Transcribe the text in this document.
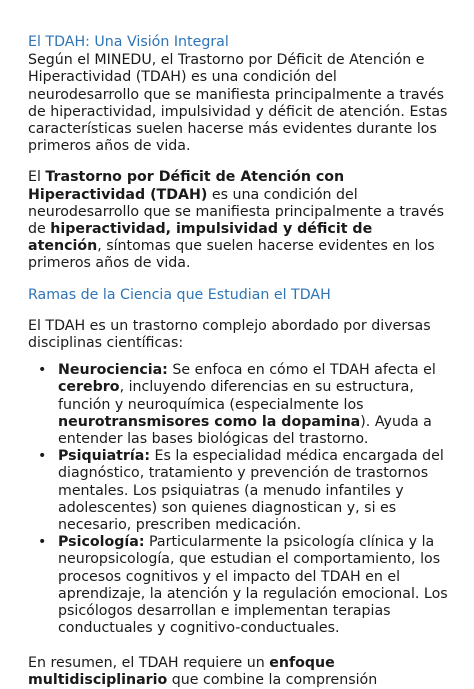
El TDAH: Una Visión Integral

Según el MINEDU, el Trastorno por Déficit de Atención e Hiperactividad (TDAH) es una condición del neurodesarrollo que se manifiesta principalmente a través de hiperactividad, impulsividad y déficit de atención. Estas características suelen hacerse más evidentes durante los primeros años de vida.

El Trastorno por Déficit de Atención con Hiperactividad (TDAH) es una condición del neurodesarrollo que se manifiesta principalmente a través de hiperactividad, impulsividad y déficit de atención, síntomas que suelen hacerse evidentes en los primeros años de vida.

Ramas de la Ciencia que Estudian el TDAH

El TDAH es un trastorno complejo abordado por diversas disciplinas científicas:

• Neurociencia: Se enfoca en cómo el TDAH afecta el cerebro, incluyendo diferencias en su estructura, función y neuroquímica (especialmente los neurotransmisores como la dopamina). Ayuda a entender las bases biológicas del trastorno.
• Psiquiatría: Es la especialidad médica encargada del diagnóstico, tratamiento y prevención de trastornos mentales. Los psiquiatras (a menudo infantiles y adolescentes) son quienes diagnostican y, si es necesario, prescriben medicación.
• Psicología: Particularmente la psicología clínica y la neuropsicología, que estudian el comportamiento, los procesos cognitivos y el impacto del TDAH en el aprendizaje, la atención y la regulación emocional. Los psicólogos desarrollan e implementan terapias conductuales y cognitivo-conductuales.

En resumen, el TDAH requiere un enfoque multidisciplinario que combine la comprensión
